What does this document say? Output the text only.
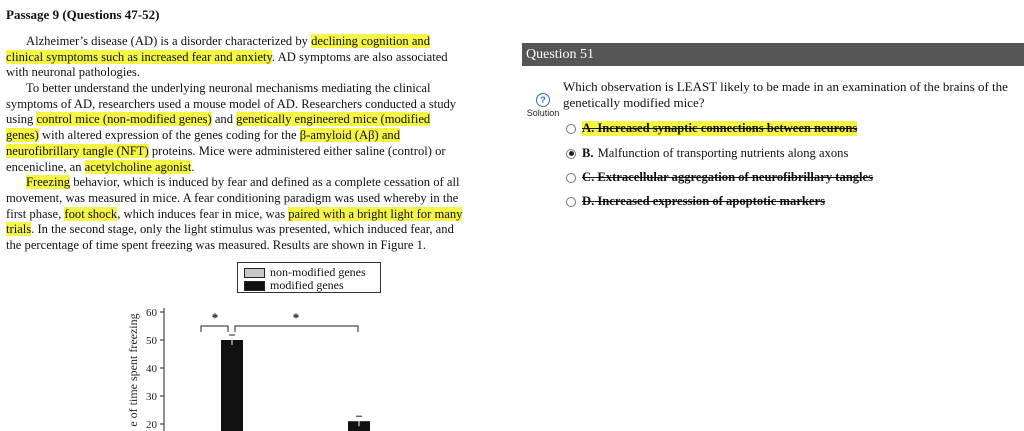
Passage 9 (Questions 47-52)
Alzheimer’s disease (AD) is a disorder characterized by declining cognition and
clinical symptoms such as increased fear and anxiety. AD symptoms are also associated
with neuronal pathologies.
To better understand the underlying neuronal mechanisms mediating the clinical
symptoms of AD, researchers used a mouse model of AD. Researchers conducted a study
using control mice (non-modified genes) and genetically engineered mice (modified
genes) with altered expression of the genes coding for the β-amyloid (Aβ) and
neurofibrillary tangle (NFT) proteins. Mice were administered either saline (control) or
encenicline, an acetylcholine agonist.
Freezing behavior, which is induced by fear and defined as a complete cessation of all
movement, was measured in mice. A fear conditioning paradigm was used whereby in the
first phase, foot shock, which induces fear in mice, was paired with a bright light for many
trials. In the second stage, only the light stimulus was presented, which induced fear, and
the percentage of time spent freezing was measured. Results are shown in Figure 1.
20
30
40
50
60
e of time spent freezing	*	*
non-modified genes
modified genes
Question 51
?
Solution
Which observation is LEAST likely to be made in an examination of the brains of the genetically modified mice?
A. Increased synaptic connections between neurons
B. Malfunction of transporting nutrients along axons
C. Extracellular aggregation of neurofibrillary tangles
D. Increased expression of apoptotic markers
